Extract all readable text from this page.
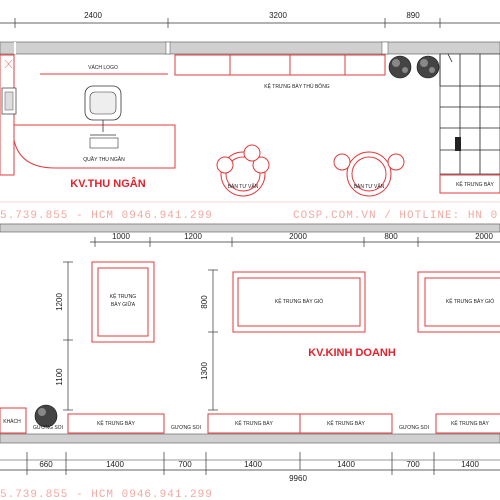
2400	3200	890
VÁCH LOGO
QUẦY THU NGÂN
KV.THU NGÂN
KỆ TRƯNG BÀY THÚ BÔNG
KỆ TRƯNG BÀY
BÀN TƯ VẤN	BÀN TƯ VẤN
5.739.855 - HCM 0946.941.299	COSP.COM.VN / HOTLINE: HN 0
1000	1200	2000	800	2000
1200
1100
800
1300
KỆ TRƯNG
BÀY GIỮA	KỆ TRƯNG BÀY GIỎ	KỆ TRƯNG BÀY GIỎ
KV.KINH DOANH
KHÁCH
GƯƠNG SOI
KỆ TRƯNG BÀY
GƯƠNG SOI
KỆ TRƯNG BÀY	KỆ TRƯNG BÀY
GƯƠNG SOI
KỆ TRƯNG BÀY
660	1400	700	1400	1400	700	1400
9960
5.739.855 - HCM 0946.941.299
